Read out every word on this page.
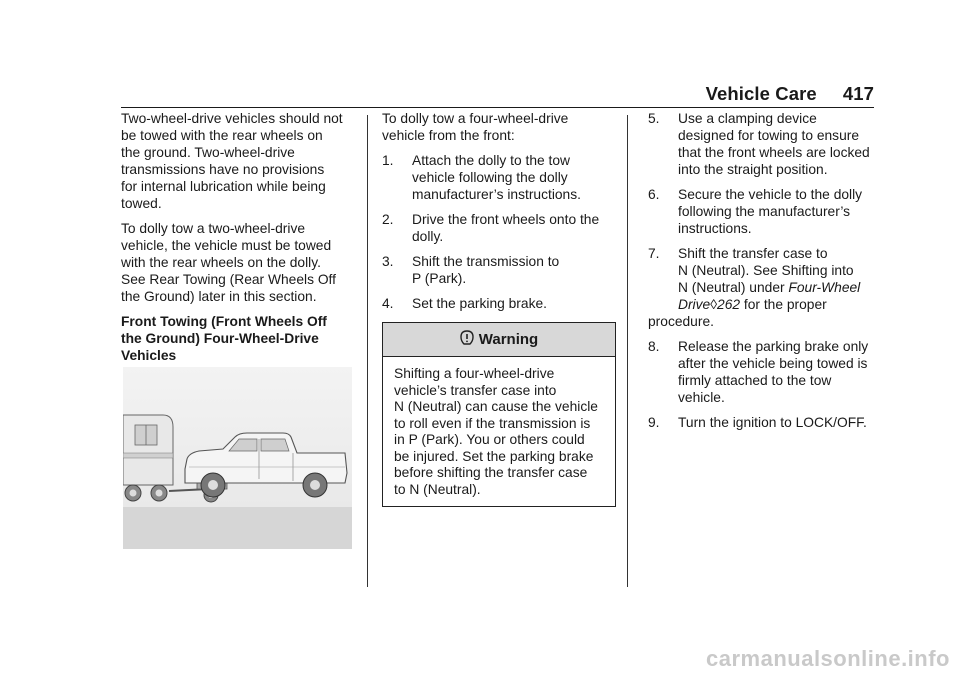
Vehicle Care 417

Two-wheel-drive vehicles should not
be towed with the rear wheels on
the ground. Two-wheel-drive
transmissions have no provisions
for internal lubrication while being
towed.

To dolly tow a two-wheel-drive
vehicle, the vehicle must be towed
with the rear wheels on the dolly.
See Rear Towing (Rear Wheels Off
the Ground) later in this section.

Front Towing (Front Wheels Off
the Ground) Four-Wheel-Drive
Vehicles

To dolly tow a four-wheel-drive
vehicle from the front:

1. Attach the dolly to the tow
vehicle following the dolly
manufacturer’s instructions.
2. Drive the front wheels onto the
dolly.
3. Shift the transmission to
P (Park).
4. Set the parking brake.
Warning
Shifting a four-wheel-drive
vehicle’s transfer case into
N (Neutral) can cause the vehicle
to roll even if the transmission is
in P (Park). You or others could
be injured. Set the parking brake
before shifting the transfer case
to N (Neutral).
5. Use a clamping device
designed for towing to ensure
that the front wheels are locked
into the straight position.
6. Secure the vehicle to the dolly
following the manufacturer’s
instructions.
7. Shift the transfer case to
N (Neutral). See Shifting into
N (Neutral) under Four-Wheel
Drive◊262 for the proper
procedure.
8. Release the parking brake only
after the vehicle being towed is
firmly attached to the tow
vehicle.
9. Turn the ignition to LOCK/OFF.
carmanualsonline.info
